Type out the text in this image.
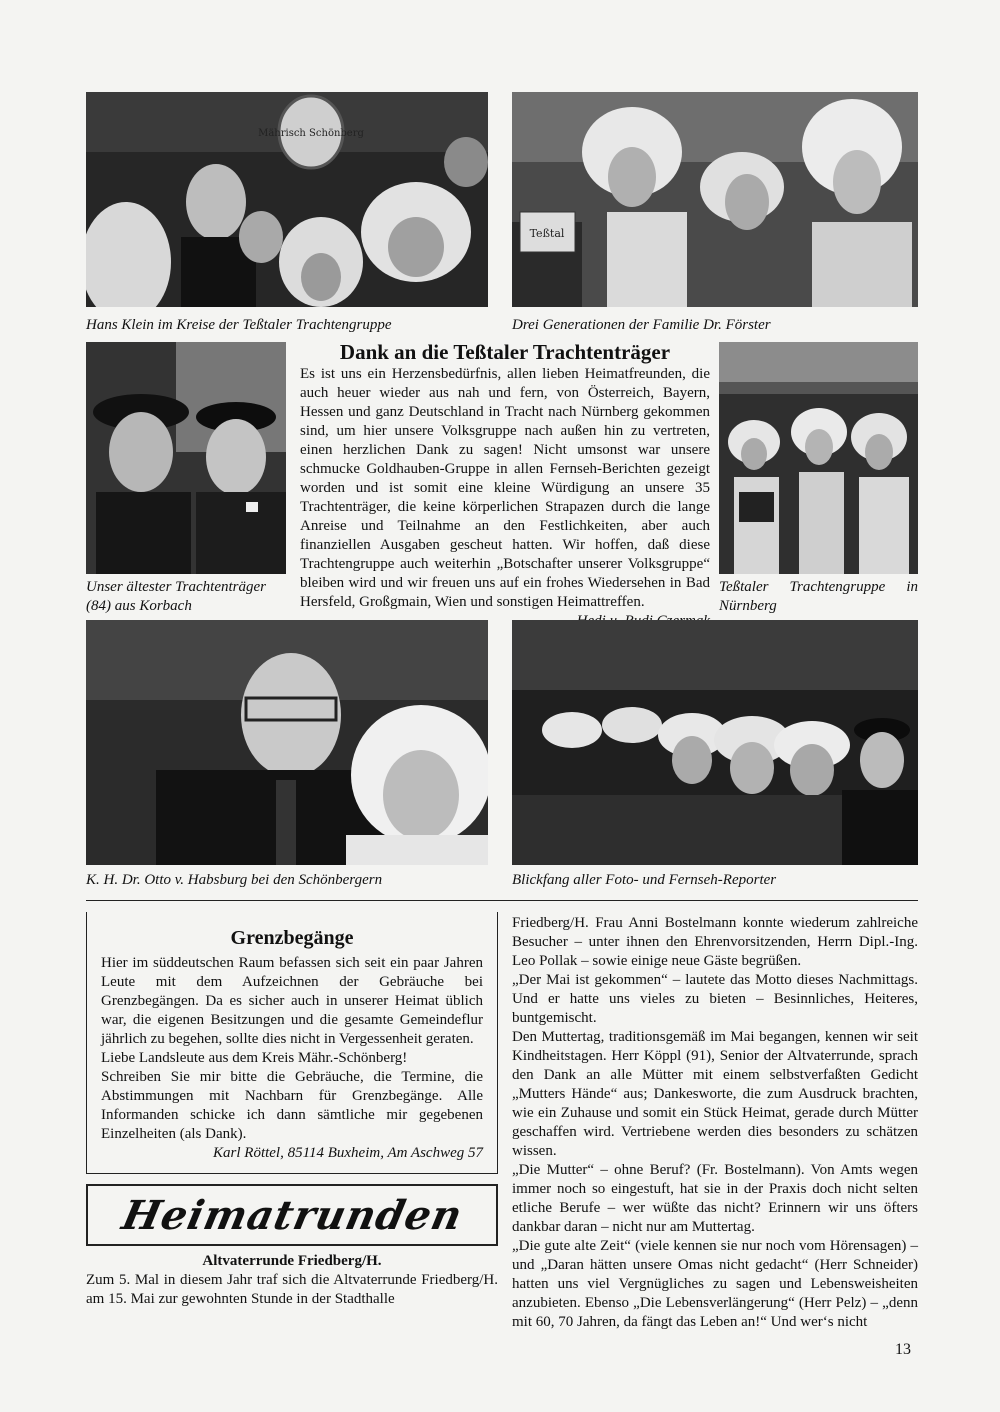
Mährisch Schönberg
Hans Klein im Kreise der Teßtaler Trachtengruppe
Teßtal
Drei Generationen der Familie Dr. Förster
Unser ältester Trachtenträger
(84) aus Korbach
Dank an die Teßtaler Trachtenträger

Es ist uns ein Herzensbedürfnis, allen lieben Heimatfreunden, die auch heuer wieder aus nah und fern, von Österreich, Bayern, Hessen und ganz Deutschland in Tracht nach Nürnberg gekommen sind, um hier unsere Volksgruppe nach außen hin zu vertreten, einen herzlichen Dank zu sagen! Nicht umsonst war unsere schmucke Goldhauben-Gruppe in allen Fernseh-Berichten gezeigt worden und ist somit eine kleine Würdigung an unsere 35 Trachtenträger, die keine körperlichen Strapazen durch die lange Anreise und Teilnahme an den Festlichkeiten, aber auch finanziellen Ausgaben gescheut hatten. Wir hoffen, daß diese Trachtengruppe auch weiterhin „Botschafter unserer Volksgruppe“ bleiben wird und wir freuen uns auf ein frohes Wiedersehen in Bad Hersfeld, Großgmain, Wien und sonstigen Heimattreffen.

Teßtaler Trachtengruppe in
Nürnberg
K. H. Dr. Otto v. Habsburg bei den Schönbergern	Blickfang aller Foto- und Fernseh-Reporter
Grenzbegänge

Hier im süddeutschen Raum befassen sich seit ein paar Jahren Leute mit dem Aufzeichnen der Gebräuche bei Grenzbegängen. Da es sicher auch in unserer Heimat üblich war, die eigenen Besitzungen und die gesamte Gemeindeflur jährlich zu begehen, sollte dies nicht in Vergessenheit geraten.

Liebe Landsleute aus dem Kreis Mähr.-Schönberg!

Schreiben Sie mir bitte die Gebräuche, die Termine, die Abstimmungen mit Nachbarn für Grenzbegänge. Alle Informanden schicke ich dann sämtliche mir gegebenen Einzelheiten (als Dank).

Karl Röttel, 85114 Buxheim, Am Aschweg 57

Heimatrunden
Altvaterrunde Friedberg/H.

Zum 5. Mal in diesem Jahr traf sich die Altvaterrunde Friedberg/H. am 15. Mai zur gewohnten Stunde in der Stadthalle

Friedberg/H. Frau Anni Bostelmann konnte wiederum zahlreiche Besucher – unter ihnen den Ehrenvorsitzenden, Herrn Dipl.-Ing. Leo Pollak – sowie einige neue Gäste begrüßen.

„Der Mai ist gekommen“ – lautete das Motto dieses Nachmittags. Und er hatte uns vieles zu bieten – Besinnliches, Heiteres, buntgemischt.

Den Muttertag, traditionsgemäß im Mai begangen, kennen wir seit Kindheitstagen. Herr Köppl (91), Senior der Altvaterrunde, sprach den Dank an alle Mütter mit einem selbstverfaßten Gedicht „Mutters Hände“ aus; Dankesworte, die zum Ausdruck brachten, wie ein Zuhause und somit ein Stück Heimat, gerade durch Mütter geschaffen wird. Vertriebene werden dies besonders zu schätzen wissen.

„Die Mutter“ – ohne Beruf? (Fr. Bostelmann). Von Amts wegen immer noch so eingestuft, hat sie in der Praxis doch nicht selten etliche Berufe – wer wüßte das nicht? Erinnern wir uns öfters dankbar daran – nicht nur am Muttertag.

„Die gute alte Zeit“ (viele kennen sie nur noch vom Hörensagen) – und „Daran hätten unsere Omas nicht gedacht“ (Herr Schneider) hatten uns viel Vergnügliches zu sagen und Lebensweisheiten anzubieten. Ebenso „Die Lebensverlängerung“ (Herr Pelz) – „denn mit 60, 70 Jahren, da fängt das Leben an!“ Und wer‘s nicht

13
